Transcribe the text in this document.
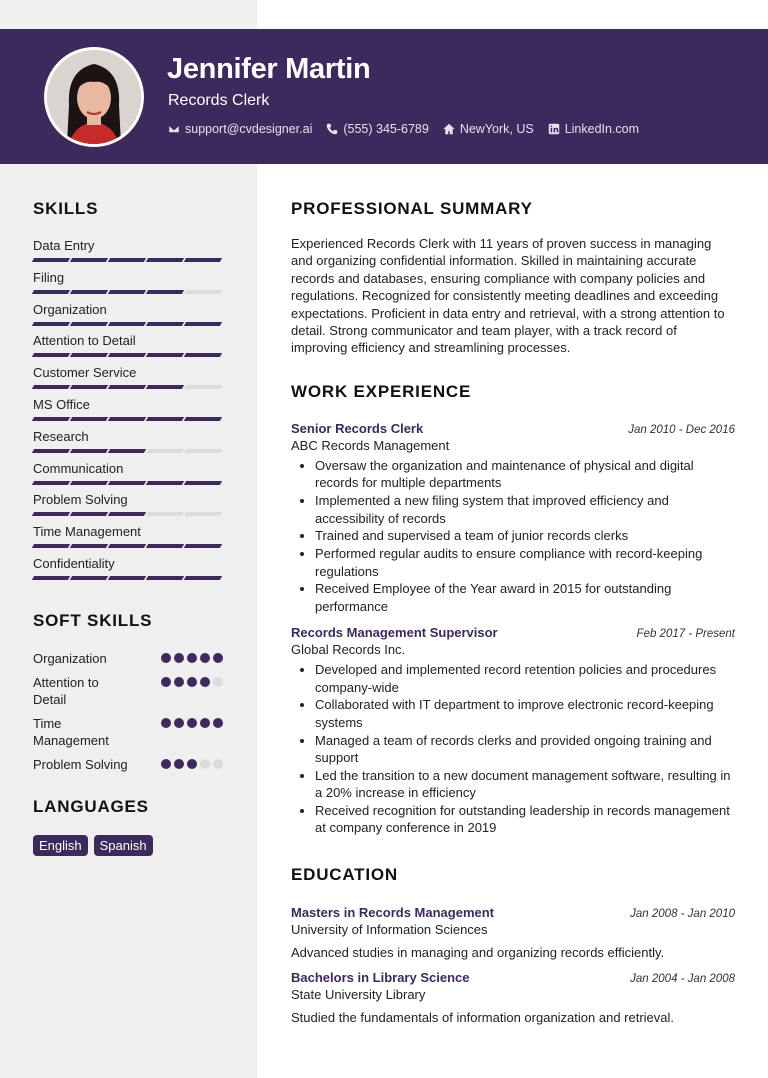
Jennifer Martin
Records Clerk
support@cvdesigner.ai (555) 345-6789 NewYork, US LinkedIn.com
SKILLS
Data Entry
Filing
Organization
Attention to Detail
Customer Service
MS Office
Research
Communication
Problem Solving
Time Management
Confidentiality
SOFT SKILLS
Organization
Attention to Detail
Time Management
Problem Solving
LANGUAGES
English	Spanish
PROFESSIONAL SUMMARY
Experienced Records Clerk with 11 years of proven success in managing and organizing confidential information. Skilled in maintaining accurate records and databases, ensuring compliance with company policies and regulations. Recognized for consistently meeting deadlines and exceeding expectations. Proficient in data entry and retrieval, with a strong attention to detail. Strong communicator and team player, with a track record of improving efficiency and streamlining processes.
WORK EXPERIENCE
Senior Records Clerk	Jan 2010 - Dec 2016
ABC Records Management
• Oversaw the organization and maintenance of physical and digital records for multiple departments
• Implemented a new filing system that improved efficiency and accessibility of records
• Trained and supervised a team of junior records clerks
• Performed regular audits to ensure compliance with record-keeping regulations
• Received Employee of the Year award in 2015 for outstanding performance
Records Management Supervisor	Feb 2017 - Present
Global Records Inc.
• Developed and implemented record retention policies and procedures company-wide
• Collaborated with IT department to improve electronic record-keeping systems
• Managed a team of records clerks and provided ongoing training and support
• Led the transition to a new document management software, resulting in a 20% increase in efficiency
• Received recognition for outstanding leadership in records management at company conference in 2019
EDUCATION
Masters in Records Management	Jan 2008 - Jan 2010
University of Information Sciences
Advanced studies in managing and organizing records efficiently.
Bachelors in Library Science	Jan 2004 - Jan 2008
State University Library
Studied the fundamentals of information organization and retrieval.
